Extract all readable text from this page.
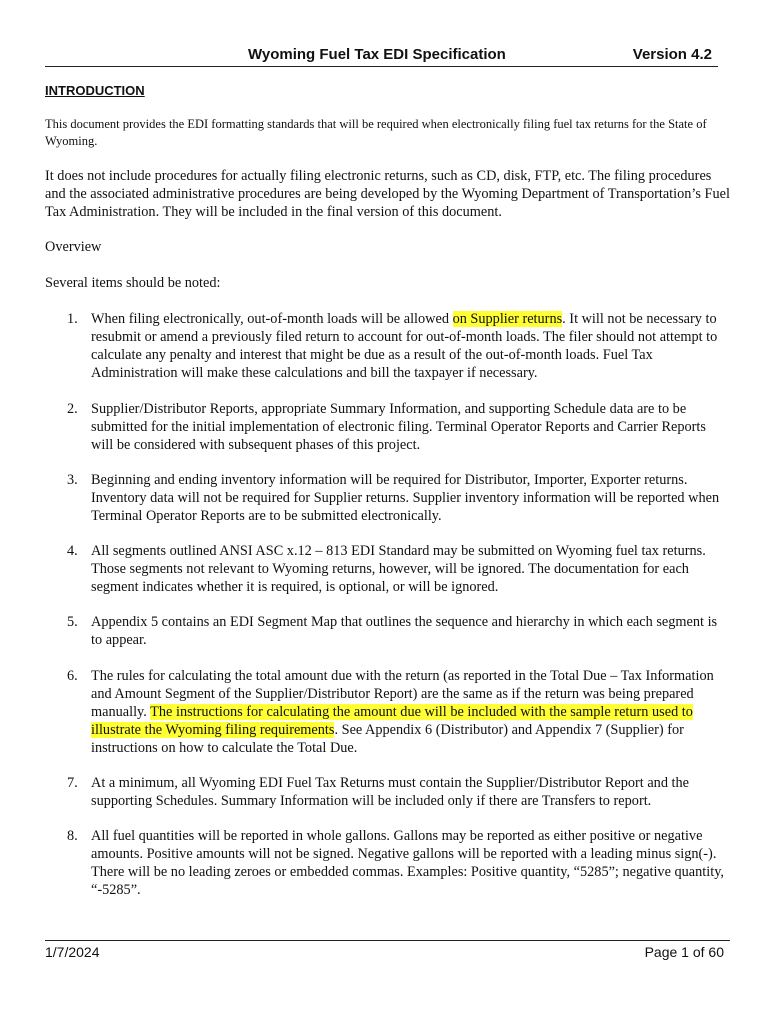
Wyoming Fuel Tax EDI Specification	Version 4.2
INTRODUCTION
This document provides the EDI formatting standards that will be required when electronically filing fuel tax returns for the State of Wyoming.
It does not include procedures for actually filing electronic returns, such as CD, disk, FTP, etc. The filing procedures and the associated administrative procedures are being developed by the Wyoming Department of Transportation’s Fuel Tax Administration. They will be included in the final version of this document.
Overview
Several items should be noted:
1. When filing electronically, out-of-month loads will be allowed on Supplier returns. It will not be necessary to resubmit or amend a previously filed return to account for out-of-month loads. The filer should not attempt to calculate any penalty and interest that might be due as a result of the out-of-month loads. Fuel Tax Administration will make these calculations and bill the taxpayer if necessary.
2. Supplier/Distributor Reports, appropriate Summary Information, and supporting Schedule data are to be submitted for the initial implementation of electronic filing. Terminal Operator Reports and Carrier Reports will be considered with subsequent phases of this project.
3. Beginning and ending inventory information will be required for Distributor, Importer, Exporter returns. Inventory data will not be required for Supplier returns. Supplier inventory information will be reported when Terminal Operator Reports are to be submitted electronically.
4. All segments outlined ANSI ASC x.12 – 813 EDI Standard may be submitted on Wyoming fuel tax returns. Those segments not relevant to Wyoming returns, however, will be ignored. The documentation for each segment indicates whether it is required, is optional, or will be ignored.
5. Appendix 5 contains an EDI Segment Map that outlines the sequence and hierarchy in which each segment is to appear.
6. The rules for calculating the total amount due with the return (as reported in the Total Due – Tax Information and Amount Segment of the Supplier/Distributor Report) are the same as if the return was being prepared manually. The instructions for calculating the amount due will be included with the sample return used to illustrate the Wyoming filing requirements. See Appendix 6 (Distributor) and Appendix 7 (Supplier) for instructions on how to calculate the Total Due.
7. At a minimum, all Wyoming EDI Fuel Tax Returns must contain the Supplier/Distributor Report and the supporting Schedules. Summary Information will be included only if there are Transfers to report.
8. All fuel quantities will be reported in whole gallons. Gallons may be reported as either positive or negative amounts. Positive amounts will not be signed. Negative gallons will be reported with a leading minus sign(-). There will be no leading zeroes or embedded commas. Examples: Positive quantity, “5285”; negative quantity, “-5285”.
1/7/2024	Page 1 of 60
